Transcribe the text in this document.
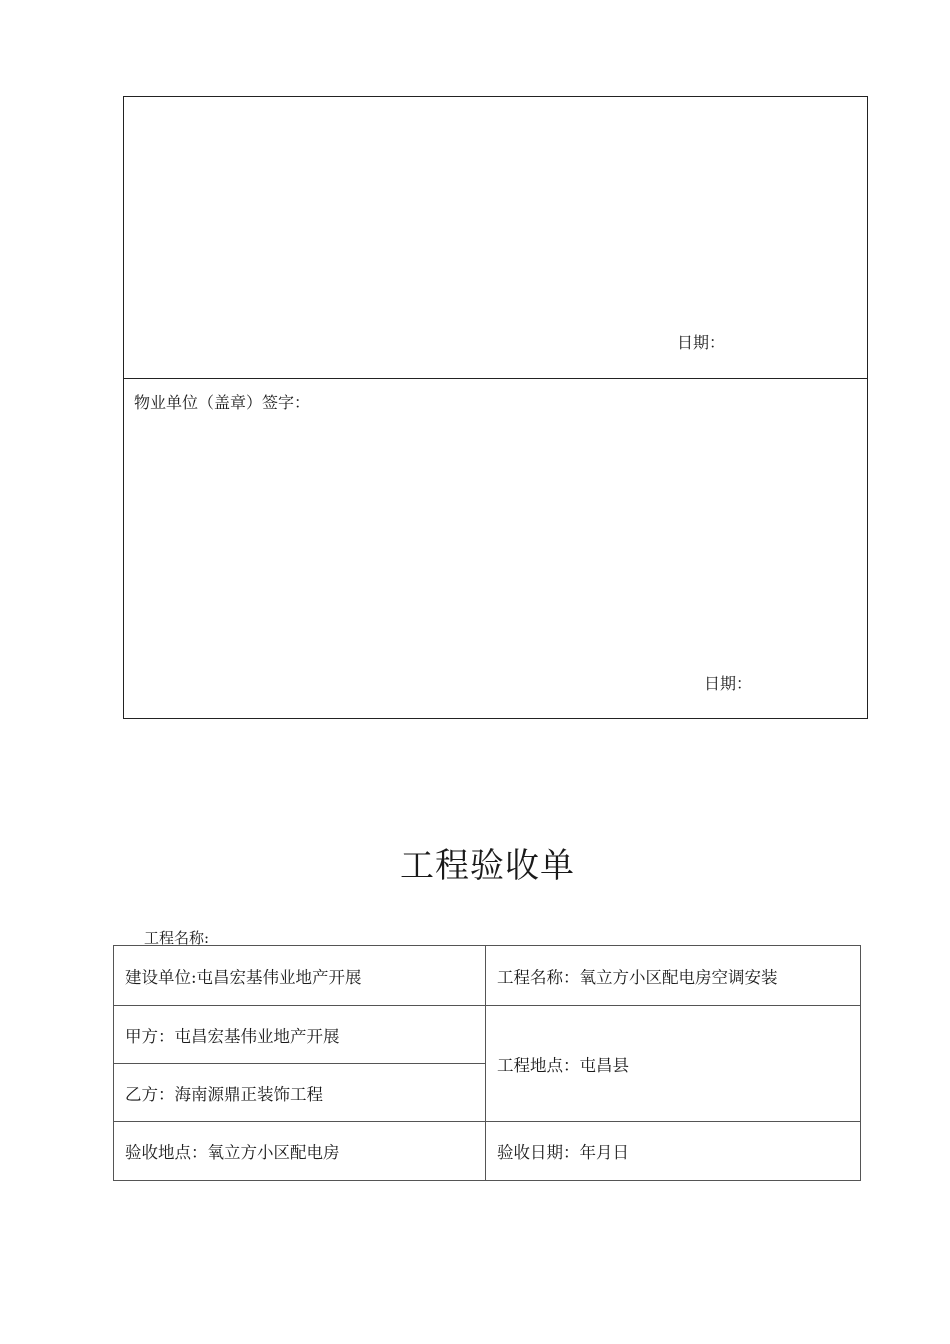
日期：
物业单位（盖章）签字：
日期：
工程验收单
工程名称:
建设单位:屯昌宏基伟业地产开展	工程名称：氧立方小区配电房空调安装
甲方：屯昌宏基伟业地产开展	工程地点：屯昌县
乙方：海南源鼎正装饰工程	
验收地点：氧立方小区配电房	验收日期：年月日
